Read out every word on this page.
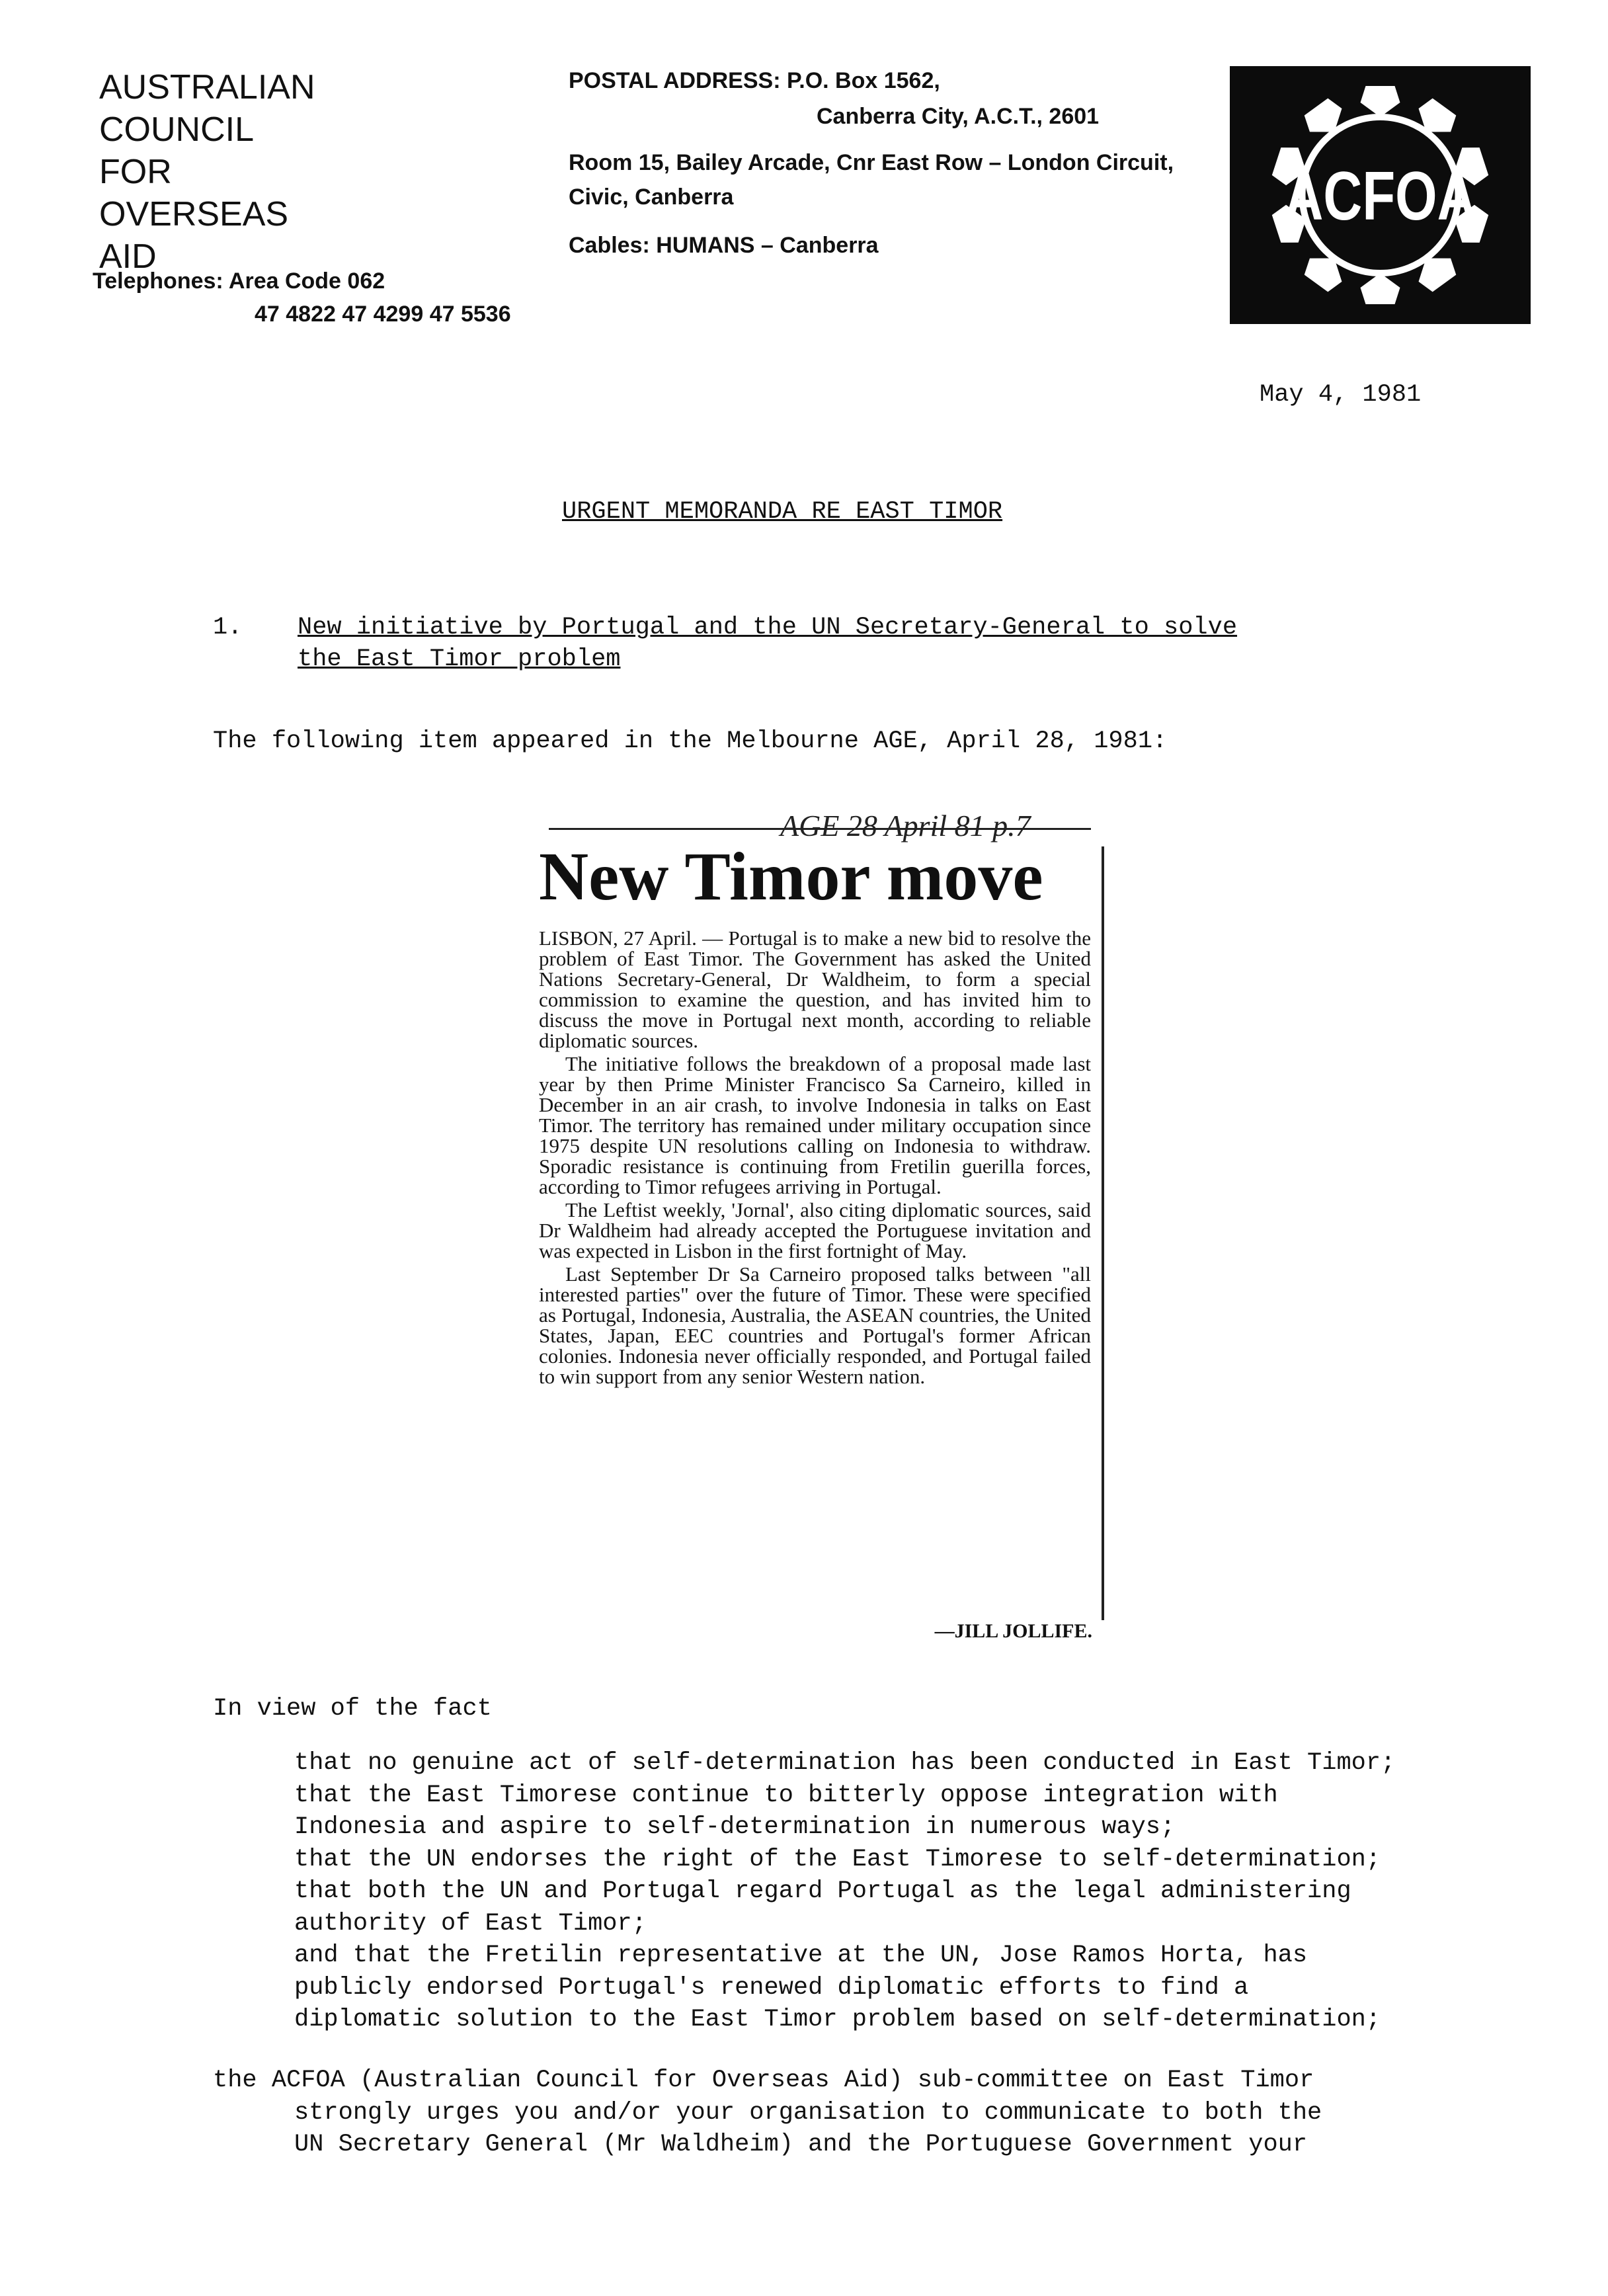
AUSTRALIAN
COUNCIL
FOR
OVERSEAS
AID
Telephones: Area Code 062
47 4822 47 4299 47 5536
POSTAL ADDRESS: P.O. Box 1562,
Canberra City, A.C.T., 2601
Room 15, Bailey Arcade, Cnr East Row – London Circuit,
Civic, Canberra
Cables: HUMANS – Canberra
ACFOA
May 4, 1981
URGENT MEMORANDA RE EAST TIMOR
1. New initiative by Portugal and the UN Secretary-General to solve
the East Timor problem
The following item appeared in the Melbourne AGE, April 28, 1981:
AGE 28 April 81 p.7
New Timor move

LISBON, 27 April. — Portugal is to make a new bid to resolve the problem of East Timor. The Government has asked the United Nations Secretary-General, Dr Waldheim, to form a special commission to examine the question, and has invited him to discuss the move in Portugal next month, according to reliable diplomatic sources.

The initiative follows the breakdown of a proposal made last year by then Prime Minister Francisco Sa Carneiro, killed in December in an air crash, to involve Indonesia in talks on East Timor. The territory has remained under military occupation since 1975 despite UN resolutions calling on Indonesia to withdraw. Sporadic resistance is continuing from Fretilin guerilla forces, according to Timor refugees arriving in Portugal.

The Leftist weekly, 'Jornal', also citing diplomatic sources, said Dr Waldheim had already accepted the Portuguese invitation and was expected in Lisbon in the first fortnight of May.

Last September Dr Sa Carneiro proposed talks between "all interested parties" over the future of Timor. These were specified as Portugal, Indonesia, Australia, the ASEAN countries, the United States, Japan, EEC countries and Portugal's former African colonies. Indonesia never officially responded, and Portugal failed to win support from any senior Western nation.

—JILL JOLLIFE.
In view of the fact
that no genuine act of self-determination has been conducted in East Timor;
that the East Timorese continue to bitterly oppose integration with
Indonesia and aspire to self-determination in numerous ways;
that the UN endorses the right of the East Timorese to self-determination;
that both the UN and Portugal regard Portugal as the legal administering
authority of East Timor;
and that the Fretilin representative at the UN, Jose Ramos Horta, has
publicly endorsed Portugal's renewed diplomatic efforts to find a
diplomatic solution to the East Timor problem based on self-determination;
the ACFOA (Australian Council for Overseas Aid) sub-committee on East Timor
strongly urges you and/or your organisation to communicate to both the
UN Secretary General (Mr Waldheim) and the Portuguese Government your
